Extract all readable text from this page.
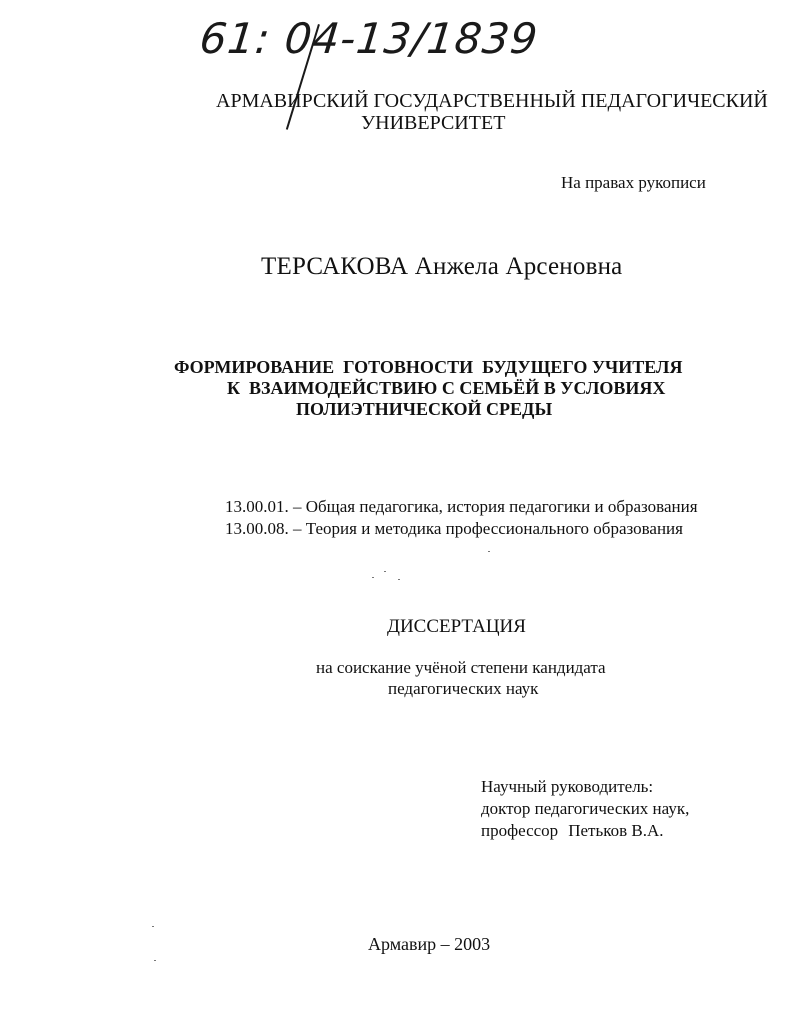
61: 04-13/1839
АРМАВИРСКИЙ ГОСУДАРСТВЕННЫЙ ПЕДАГОГИЧЕСКИЙ
УНИВЕРСИТЕТ
На правах рукописи
ТЕРСАКОВА Анжела Арсеновна
ФОРМИРОВАНИЕ  ГОТОВНОСТИ  БУДУЩЕГО УЧИТЕЛЯ
К  ВЗАИМОДЕЙСТВИЮ С СЕМЬЁЙ В УСЛОВИЯХ
ПОЛИЭТНИЧЕСКОЙ СРЕДЫ
13.00.01. – Общая педагогика, история педагогики и образования
13.00.08. – Теория и методика профессионального образования
ДИССЕРТАЦИЯ
на соискание учёной степени кандидата
педагогических наук
Научный руководитель:
доктор педагогических наук,
профессор Петьков В.А.
Армавир – 2003
